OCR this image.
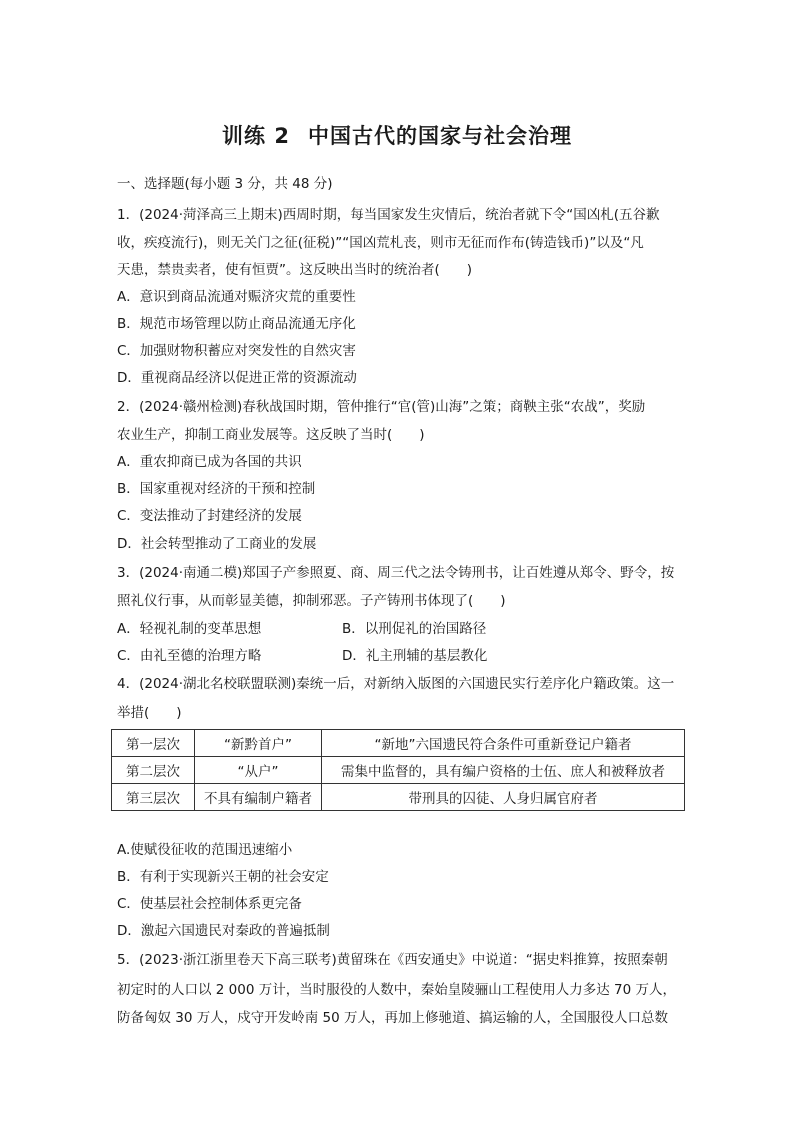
训练 2 中国古代的国家与社会治理
一、选择题(每小题 3 分，共 48 分)
1．(2024·菏泽高三上期末)西周时期，每当国家发生灾情后，统治者就下令“国凶札(五谷歉
收，疾疫流行)，则无关门之征(征税)”“国凶荒札丧，则市无征而作布(铸造钱币)”以及“凡
天患，禁贵卖者，使有恒贾”。这反映出当时的统治者(　　)
A．意识到商品流通对赈济灾荒的重要性
B．规范市场管理以防止商品流通无序化
C．加强财物积蓄应对突发性的自然灾害
D．重视商品经济以促进正常的资源流动
2．(2024·赣州检测)春秋战国时期，管仲推行“官(管)山海”之策；商鞅主张“农战”，奖励
农业生产，抑制工商业发展等。这反映了当时(　　)
A．重农抑商已成为各国的共识
B．国家重视对经济的干预和控制
C．变法推动了封建经济的发展
D．社会转型推动了工商业的发展
3．(2024·南通二模)郑国子产参照夏、商、周三代之法令铸刑书，让百姓遵从郑令、野令，按
照礼仪行事，从而彰显美德，抑制邪恶。子产铸刑书体现了(　　)
A．轻视礼制的变革思想	B．以刑促礼的治国路径
C．由礼至德的治理方略	D．礼主刑辅的基层教化
4．(2024·湖北名校联盟联测)秦统一后，对新纳入版图的六国遗民实行差序化户籍政策。这一
举措(　　)
第一层次	“新黔首户”	“新地”六国遗民符合条件可重新登记户籍者
第二层次	“从户”	需集中监督的，具有编户资格的士伍、庶人和被释放者
第三层次	不具有编制户籍者	带刑具的囚徒、人身归属官府者
A.使赋役征收的范围迅速缩小
B．有利于实现新兴王朝的社会安定
C．使基层社会控制体系更完备
D．激起六国遗民对秦政的普遍抵制
5．(2023·浙江浙里卷天下高三联考)黄留珠在《西安通史》中说道：“据史料推算，按照秦朝
初定时的人口以 2 000 万计，当时服役的人数中，秦始皇陵骊山工程使用人力多达 70 万人，
防备匈奴 30 万人，戍守开发岭南 50 万人，再加上修驰道、搞运输的人，全国服役人口总数
